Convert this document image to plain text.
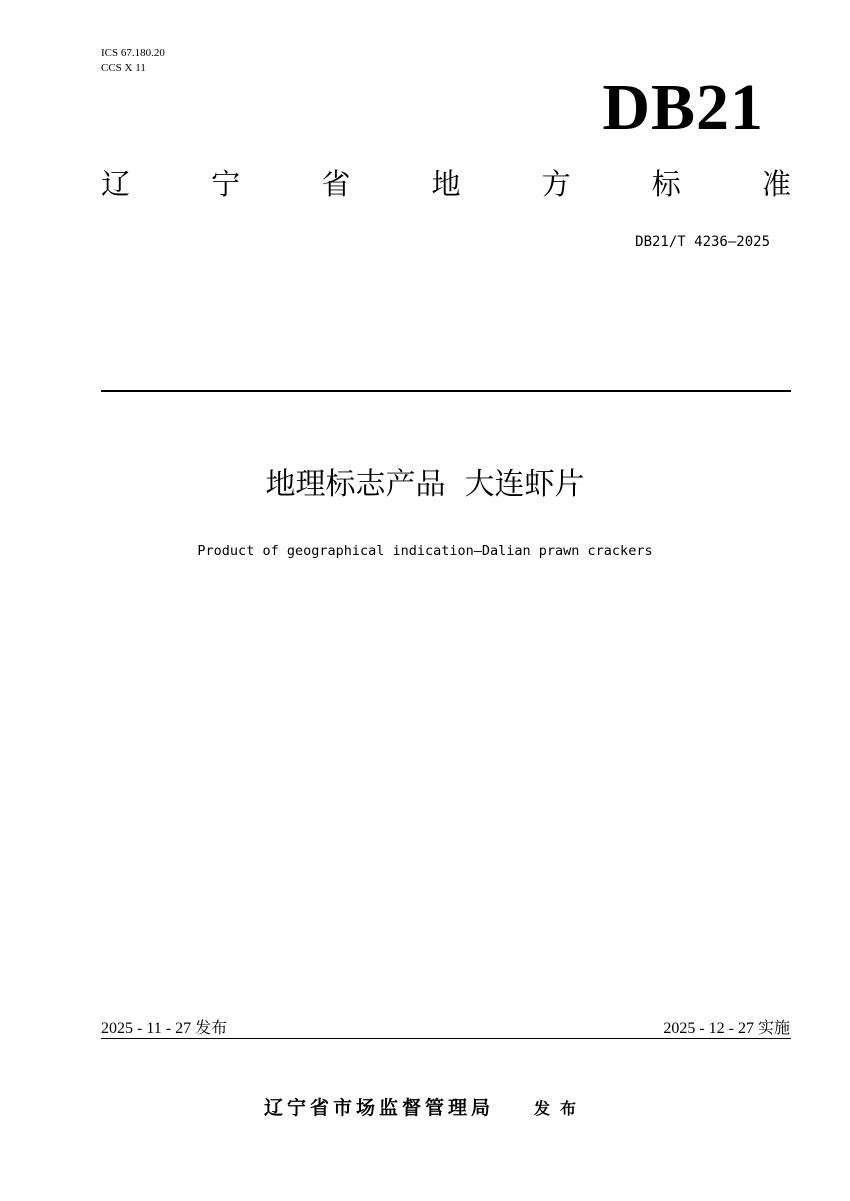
ICS 67.180.20
CCS X 11
DB21
辽	宁	省	地	方	标	准
DB21/T 4236—2025
地理标志产品  大连虾片
Product of geographical indication—Dalian prawn crackers
2025 - 11 - 27 发布	2025 - 12 - 27 实施
辽宁省市场监督管理局	发布
